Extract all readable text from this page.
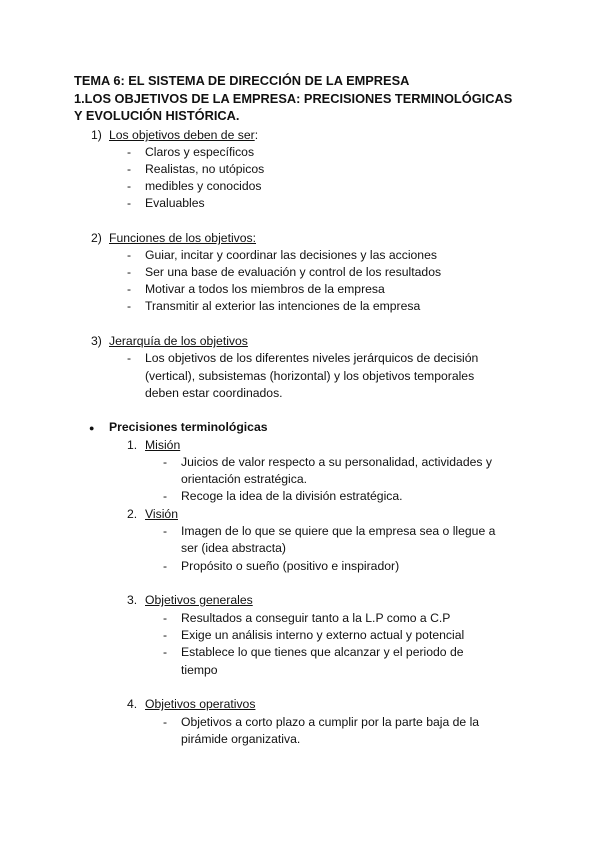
TEMA 6: EL SISTEMA DE DIRECCIÓN DE LA EMPRESA
1.LOS OBJETIVOS DE LA EMPRESA: PRECISIONES TERMINOLÓGICAS
Y EVOLUCIÓN HISTÓRICA.
1) Los objetivos deben de ser:
- Claros y específicos
- Realistas, no utópicos
- medibles y conocidos
- Evaluables
2) Funciones de los objetivos:
- Guiar, incitar y coordinar las decisiones y las acciones
- Ser una base de evaluación y control de los resultados
- Motivar a todos los miembros de la empresa
- Transmitir al exterior las intenciones de la empresa
3) Jerarquía de los objetivos
- Los objetivos de los diferentes niveles jerárquicos de decisión
(vertical), subsistemas (horizontal) y los objetivos temporales
deben estar coordinados.
● Precisiones terminológicas
1. Misión
- Juicios de valor respecto a su personalidad, actividades y
orientación estratégica.
- Recoge la idea de la división estratégica.
2. Visión
- Imagen de lo que se quiere que la empresa sea o llegue a
ser (idea abstracta)
- Propósito o sueño (positivo e inspirador)
3. Objetivos generales
- Resultados a conseguir tanto a la L.P como a C.P
- Exige un análisis interno y externo actual y potencial
- Establece lo que tienes que alcanzar y el periodo de
tiempo
4. Objetivos operativos
- Objetivos a corto plazo a cumplir por la parte baja de la
pirámide organizativa.
